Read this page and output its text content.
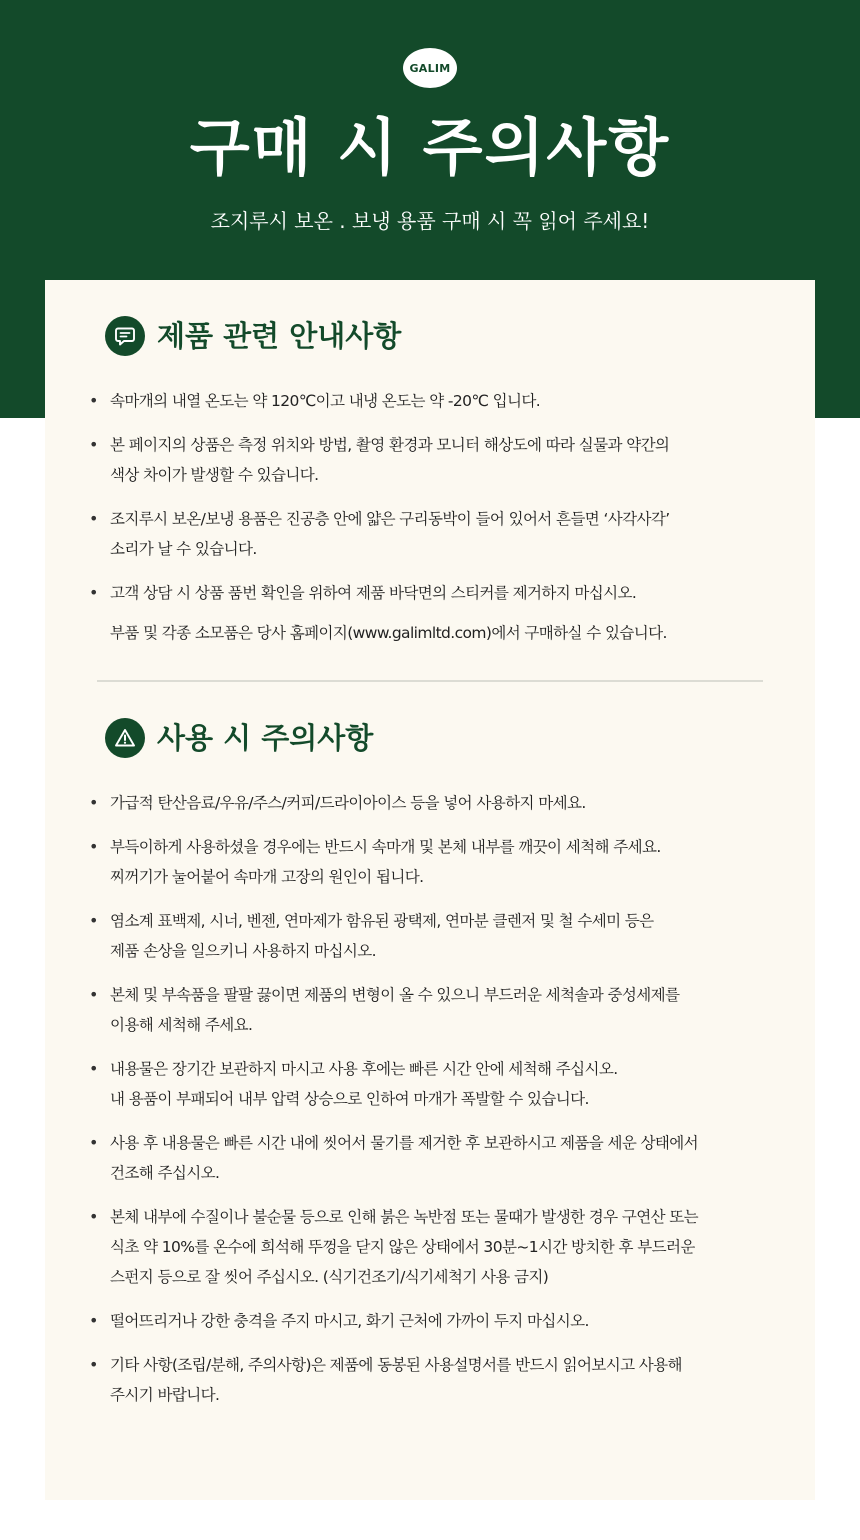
GALIM
구매 시 주의사항
조지루시 보온 . 보냉 용품 구매 시 꼭 읽어 주세요!
제품 관련 안내사항
• 속마개의 내열 온도는 약 120℃이고 내냉 온도는 약 -20℃ 입니다.
• 본 페이지의 상품은 측정 위치와 방법, 촬영 환경과 모니터 해상도에 따라 실물과 약간의
색상 차이가 발생할 수 있습니다.
• 조지루시 보온/보냉 용품은 진공층 안에 얇은 구리동박이 들어 있어서 흔들면 ‘사각사각’
소리가 날 수 있습니다.
• 고객 상담 시 상품 품번 확인을 위하여 제품 바닥면의 스티커를 제거하지 마십시오.
부품 및 각종 소모품은 당사 홈페이지(www.galimltd.com)에서 구매하실 수 있습니다.
사용 시 주의사항
• 가급적 탄산음료/우유/주스/커피/드라이아이스 등을 넣어 사용하지 마세요.
• 부득이하게 사용하셨을 경우에는 반드시 속마개 및 본체 내부를 깨끗이 세척해 주세요.
찌꺼기가 눌어붙어 속마개 고장의 원인이 됩니다.
• 염소계 표백제, 시너, 벤젠, 연마제가 함유된 광택제, 연마분 클렌저 및 철 수세미 등은
제품 손상을 일으키니 사용하지 마십시오.
• 본체 및 부속품을 팔팔 끓이면 제품의 변형이 올 수 있으니 부드러운 세척솔과 중성세제를
이용해 세척해 주세요.
• 내용물은 장기간 보관하지 마시고 사용 후에는 빠른 시간 안에 세척해 주십시오.
내 용품이 부패되어 내부 압력 상승으로 인하여 마개가 폭발할 수 있습니다.
• 사용 후 내용물은 빠른 시간 내에 씻어서 물기를 제거한 후 보관하시고 제품을 세운 상태에서
건조해 주십시오.
• 본체 내부에 수질이나 불순물 등으로 인해 붉은 녹반점 또는 물때가 발생한 경우 구연산 또는
식초 약 10%를 온수에 희석해 뚜껑을 닫지 않은 상태에서 30분~1시간 방치한 후 부드러운
스펀지 등으로 잘 씻어 주십시오. (식기건조기/식기세척기 사용 금지)
• 떨어뜨리거나 강한 충격을 주지 마시고, 화기 근처에 가까이 두지 마십시오.
• 기타 사항(조립/분해, 주의사항)은 제품에 동봉된 사용설명서를 반드시 읽어보시고 사용해
주시기 바랍니다.
